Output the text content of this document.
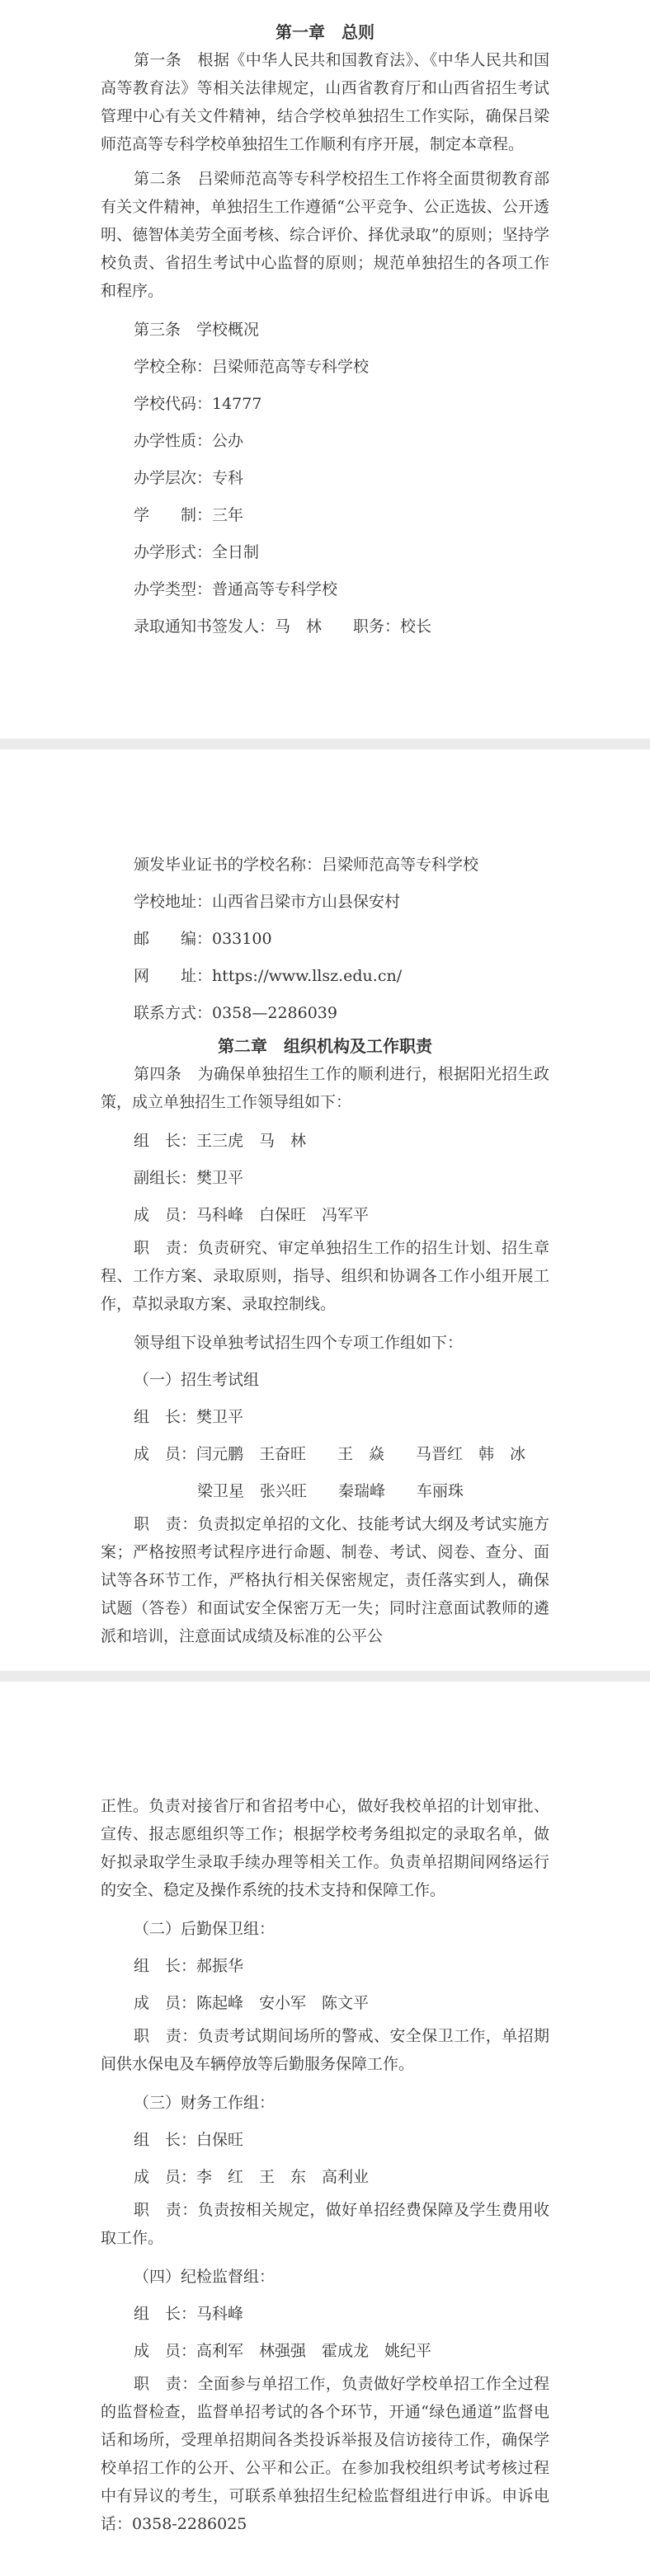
第一章　总则
第一条　根据《中华人民共和国教育法》、《中华人民共和国高等教育法》等相关法律规定，山西省教育厅和山西省招生考试管理中心有关文件精神，结合学校单独招生工作实际，确保吕梁师范高等专科学校单独招生工作顺利有序开展，制定本章程。
第二条　吕梁师范高等专科学校招生工作将全面贯彻教育部有关文件精神，单独招生工作遵循“公平竞争、公正选拔、公开透明、德智体美劳全面考核、综合评价、择优录取”的原则；坚持学校负责、省招生考试中心监督的原则；规范单独招生的各项工作和程序。
第三条　学校概况
学校全称：吕梁师范高等专科学校
学校代码：14777
办学性质：公办
办学层次：专科
学　　制：三年
办学形式：全日制
办学类型：普通高等专科学校
录取通知书签发人：马　林　　职务：校长
颁发毕业证书的学校名称：吕梁师范高等专科学校
学校地址：山西省吕梁市方山县保安村
邮　　编：033100
网　　址：https://www.llsz.edu.cn/
联系方式：0358—2286039
第二章　组织机构及工作职责
第四条　为确保单独招生工作的顺利进行，根据阳光招生政策，成立单独招生工作领导组如下：
组　长：王三虎　马　林
副组长：樊卫平
成　员：马科峰　白保旺　冯军平
职　责：负责研究、审定单独招生工作的招生计划、招生章程、工作方案、录取原则，指导、组织和协调各工作小组开展工作，草拟录取方案、录取控制线。
领导组下设单独考试招生四个专项工作组如下：
（一）招生考试组
组　长：樊卫平
成　员：闫元鹏　王奋旺　　王　焱　　马晋红　韩　冰
梁卫星　张兴旺　　秦瑞峰　　车丽珠
职　责：负责拟定单招的文化、技能考试大纲及考试实施方案；严格按照考试程序进行命题、制卷、考试、阅卷、查分、面试等各环节工作，严格执行相关保密规定，责任落实到人，确保试题（答卷）和面试安全保密万无一失；同时注意面试教师的遴派和培训，注意面试成绩及标准的公平公
正性。负责对接省厅和省招考中心，做好我校单招的计划审批、宣传、报志愿组织等工作；根据学校考务组拟定的录取名单，做好拟录取学生录取手续办理等相关工作。负责单招期间网络运行的安全、稳定及操作系统的技术支持和保障工作。
（二）后勤保卫组：
组　长：郝振华
成　员：陈起峰　安小军　陈文平
职　责：负责考试期间场所的警戒、安全保卫工作，单招期间供水保电及车辆停放等后勤服务保障工作。
（三）财务工作组：
组　长：白保旺
成　员：李　红　王　东　高利业
职　责：负责按相关规定，做好单招经费保障及学生费用收取工作。
（四）纪检监督组：
组　长：马科峰
成　员：高利军　林强强　霍成龙　姚纪平
职　责：全面参与单招工作，负责做好学校单招工作全过程的监督检查，监督单招考试的各个环节，开通“绿色通道”监督电话和场所，受理单招期间各类投诉举报及信访接待工作，确保学校单招工作的公开、公平和公正。在参加我校组织考试考核过程中有异议的考生，可联系单独招生纪检监督组进行申诉。申诉电话：0358-2286025
